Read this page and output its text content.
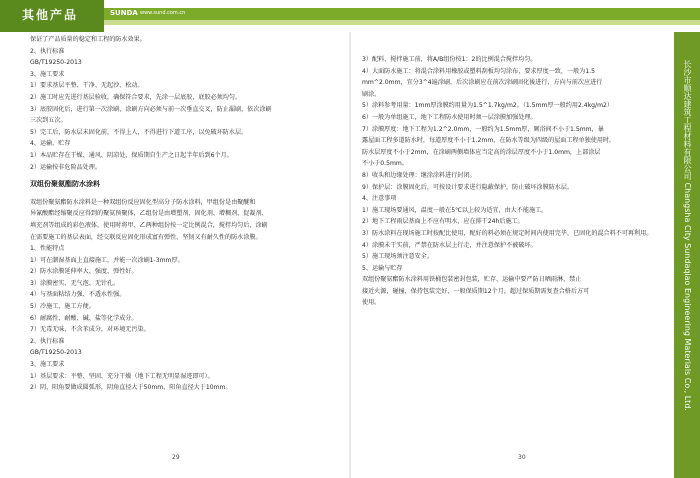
其他产品	SUNDA www.sund.com.cn
保证了产品质量的稳定和工程的防水效果。
2、执行标准
GB/T19250-2013
3、施工要求
1）要求基层平整、干净、无起沙、松动。
2）施工时应先进行基层验收，确保符合要求，先涂一层底胶，底胶必须均匀。
3）底胶固化后，进行第一次涂刷，涂刷方向必须与前一次垂直交叉，防止漏刷，依次涂刷
三次到五次。
5）完工后，防水层未固化前，不得上人，不得进行下道工序，以免破坏防水层。
4、运输、贮存
1）本品贮存在干燥、通风、阴凉处，保质期自生产之日起半年后到6个月。
2）运输按非危险品处理。
双组份聚氨酯防水涂料
双组份聚氨酯防水涂料是一种双组份反应固化型高分子防水涂料，甲组份是由聚醚和
异氰酸酯经缩聚反应得到的聚氨预聚体，乙组份是由增塑剂、固化剂、增稠剂、促凝剂、
填充剂等组成的彩色液体，使用时将甲、乙两种组份按一定比例混合，搅拌均匀后，涂刷
在需要施工的基层表面，经交联反应固化形成富有弹性、坚韧又有耐久性的防水涂膜。
1、性能特点
1）可在潮湿基面上直接施工，并能一次涂刷1-3mm厚。
2）防水涂膜延伸率大、强度、弹性好。
3）涂膜密实、无气泡、无针孔。
4）与基面粘结力强、不透水性强。
5）冷施工，施工方便。
6）耐腐性、耐酸、碱、盐等化学成分。
7）无毒无味、不含苯成分，对环境无污染。
2、执行标准
GB/T19250-2013
3、施工要求
1）基层要求：平整、坚固、充分干燥（地下工程无明显湿迹即可）。
2）阴、阳角要做成圆弧形，阴角直径大于50mm，阳角直径大于10mm。
3）配料、搅拌施工前，将A/B组份按1：2的比例混合搅拌均匀。
4）大面防水施工：将混合涂料用橡胶或塑料刮板均匀涂布，要求厚度一致，一般为1.5
mm^2.0mm，宜分3^4遍涂刷，后次涂刷应在前次涂刷固化後进行，方向与前次应进行
刷涂。
5）涂料参考用量：1mm厚涂膜约用量为1.5^1.7kg/m2。（1.5mm厚一般约用2.4kg/m2）
6）一般为单组施工，地下工程防水使用时须一层涂膜加强处理。
7）涂膜厚度：地下工程为1.2^2.0mm，一般约为1.5mm厚，厕浴间不小于1.5mm，暴
露屋面工程多道防水时，每道厚度不小于1.2mm，在防水等级为四级的屋面工程单独使用时，
防水层厚度不小于2mm，在涂刷两侧墙体应当定高的涂层厚度不小于1.0mm，上部涂层
不小于0.5mm。
8）收头和边缘处理：继涂涂料进行封闭。
9）保护层：涂膜固化后，可按设计要求进行隐蔽保护，防止破坏涂膜防水层。
4、注意事项
1）施工现场要通风，温度一般在5℃以上较为适宜，由大不能施工。
2）地下工程雨层基面上不应有明水，应在排干24h后施工。
3）防水涂料在现场施工时按配比使用，配好的料必须在规定时间内使用完毕，已固化的混合料不可再利用。
4）涂膜未干实前，严禁在防水层上行走，并注意保护不被破坏。
5）施工现场须注意安全。
5、运输与贮存
双组份聚氨酯防水涂料用铁桶包装密封包装，贮存、运输中要严防日晒雨淋，禁止
接近火源，碰撞，保持包装完好，一般保质期12个月，超过保质期需复查合格后方可
使用。	长沙市顺达建筑工程材料有限公司 Changsha City Sundaqiao Engineering Materials Co., Ltd.
29	30
